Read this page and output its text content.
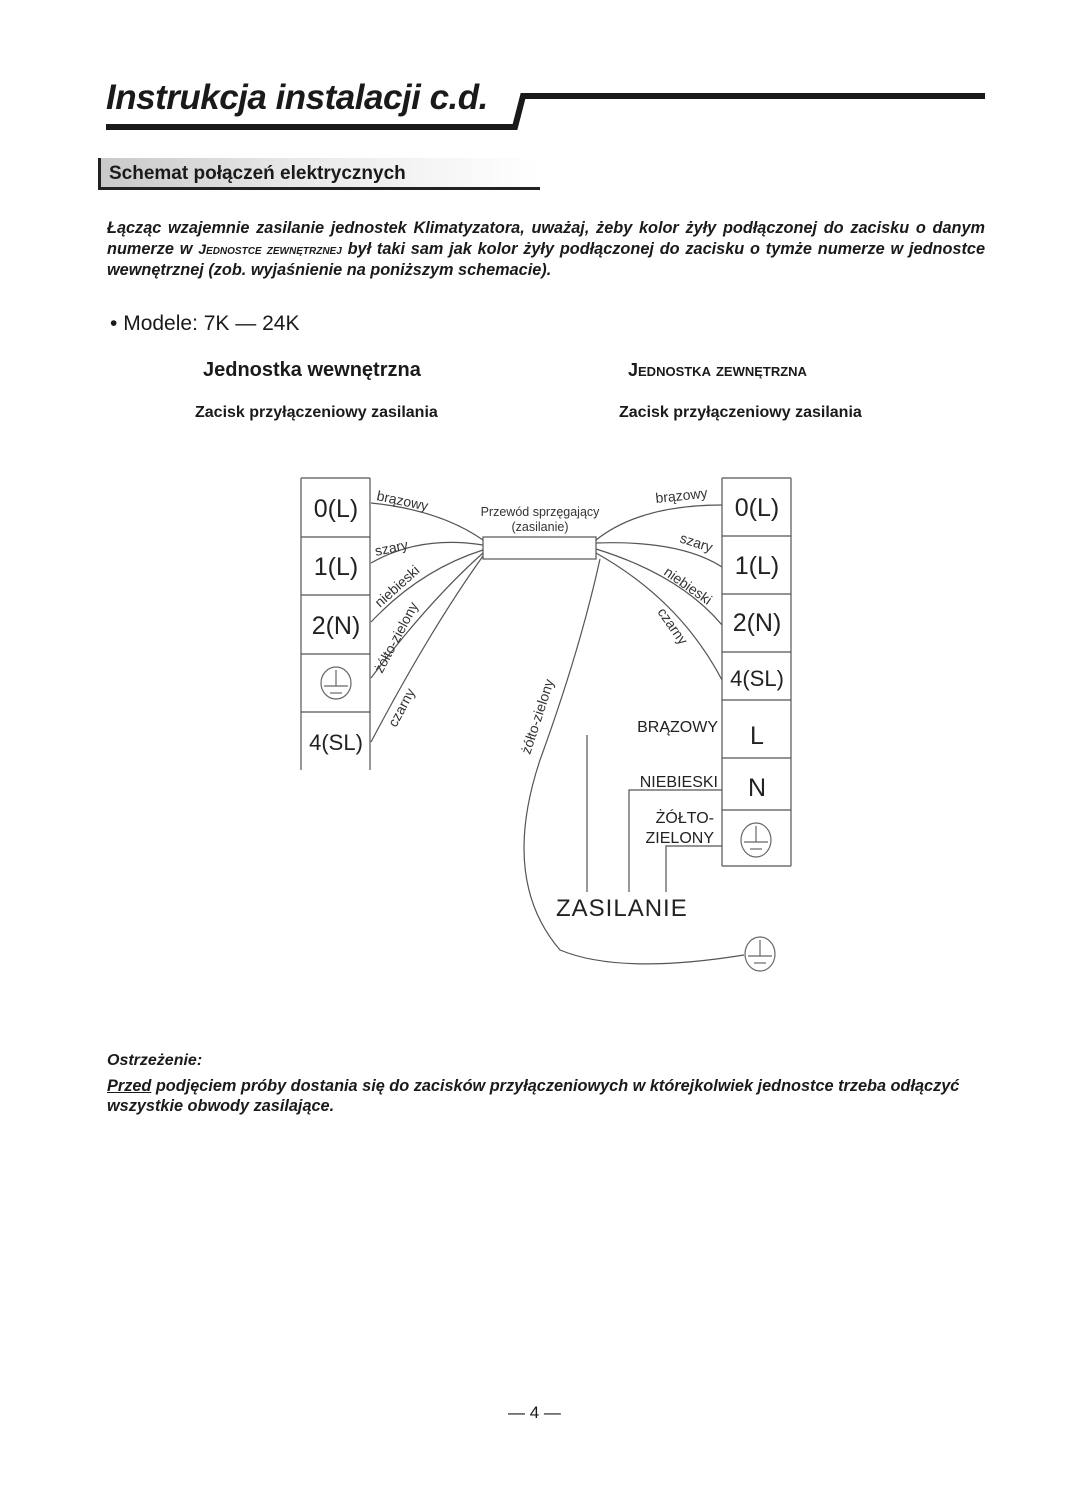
Instrukcja instalacji c.d.
Schemat połączeń elektrycznych
Łącząc wzajemnie zasilanie jednostek Klimatyzatora, uważaj, żeby kolor żyły podłączonej do zacisku o danym numerze w Jednostce zewnętrznej był taki sam jak kolor żyły podłączonej do zacisku o tymże numerze w jednostce wewnętrznej (zob. wyjaśnienie na poniższym schemacie).
• Modele: 7K — 24K
Jednostka wewnętrzna	Jednostka zewnętrzna
Zacisk przyłączeniowy zasilania	Zacisk przyłączeniowy zasilania
0(L)
1(L)
2(N)
4(SL)
0(L)
1(L)
2(N)
4(SL)
L
N
Przewód sprzęgający
(zasilanie)
brązowy
szary
niebieski
żółto-zielony
czarny
brązowy
szary
niebieski
czarny
żółto-zielony	BRĄZOWY
NIEBIESKI
ŻÓŁTO-
ZIELONY
ZASILANIE
Ostrzeżenie:
Przed podjęciem próby dostania się do zacisków przyłączeniowych w którejkolwiek jednostce trzeba odłączyć wszystkie obwody zasilające.
— 4 —
